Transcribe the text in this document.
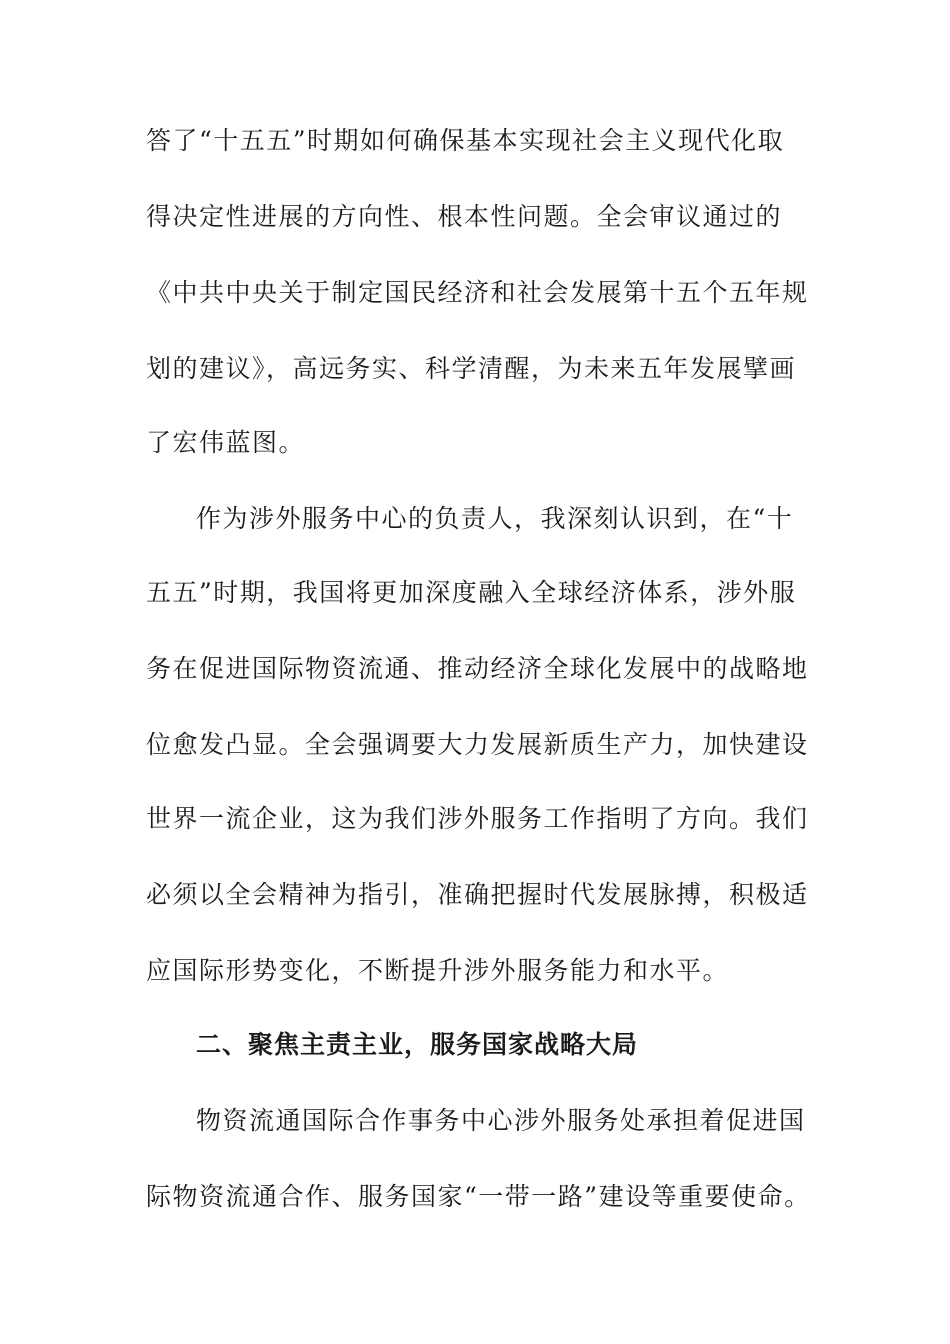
答了“十五五”时期如何确保基本实现社会主义现代化取
得决定性进展的方向性、根本性问题。全会审议通过的
《中共中央关于制定国民经济和社会发展第十五个五年规
划的建议》，高远务实、科学清醒，为未来五年发展擘画
了宏伟蓝图。
作为涉外服务中心的负责人，我深刻认识到，在“十
五五”时期，我国将更加深度融入全球经济体系，涉外服
务在促进国际物资流通、推动经济全球化发展中的战略地
位愈发凸显。全会强调要大力发展新质生产力，加快建设
世界一流企业，这为我们涉外服务工作指明了方向。我们
必须以全会精神为指引，准确把握时代发展脉搏，积极适
应国际形势变化，不断提升涉外服务能力和水平。
二、聚焦主责主业，服务国家战略大局
物资流通国际合作事务中心涉外服务处承担着促进国
际物资流通合作、服务国家“一带一路”建设等重要使命。
